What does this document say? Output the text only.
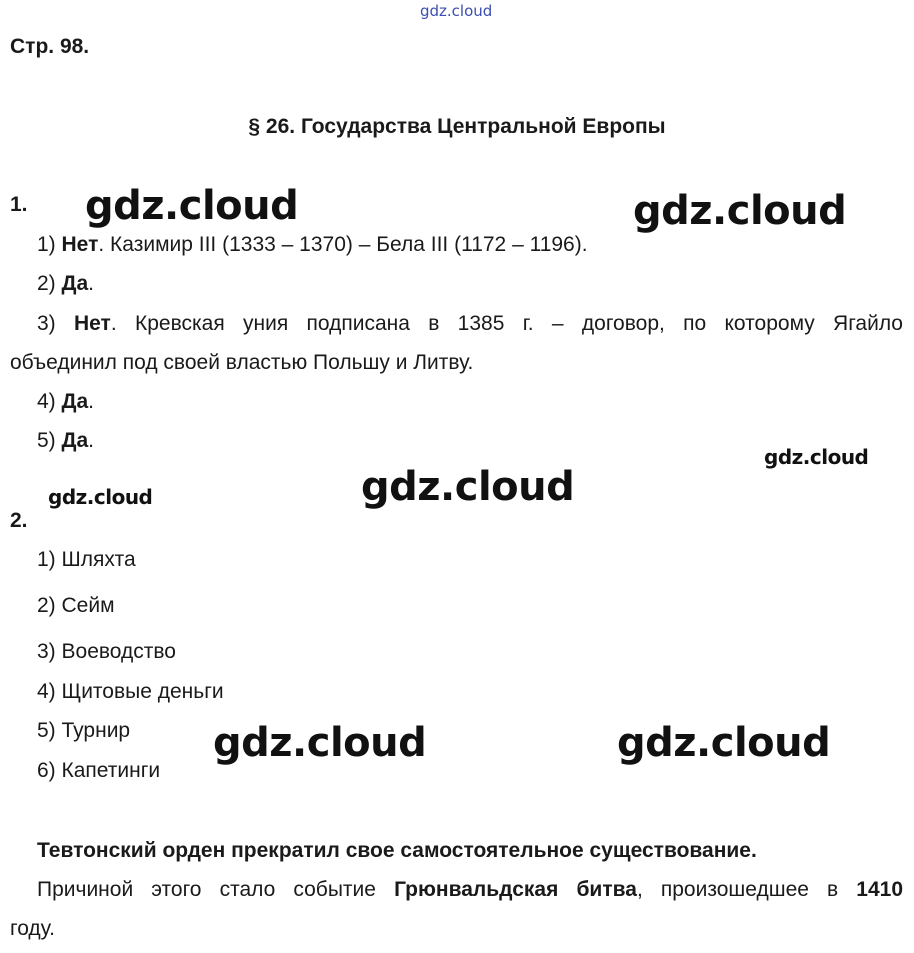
gdz.cloud
gdz.cloud	gdz.cloud
gdz.cloud
gdz.cloud
gdz.cloud
gdz.cloud	gdz.cloud
Стр. 98.
§ 26. Государства Центральной Европы
1.
1) Нет. Казимир III (1333 – 1370) – Бела III (1172 – 1196).
2) Да.
3) Нет. Кревская уния подписана в 1385 г. – договор, по которому Ягайло
объединил под своей властью Польшу и Литву.
4) Да.
5) Да.
2.
1) Шляхта
2) Сейм
3) Воеводство
4) Щитовые деньги
5) Турнир
6) Капетинги
Тевтонский орден прекратил свое самостоятельное существование.
Причиной этого стало событие Грюнвальдская битва, произошедшее в 1410
году.
